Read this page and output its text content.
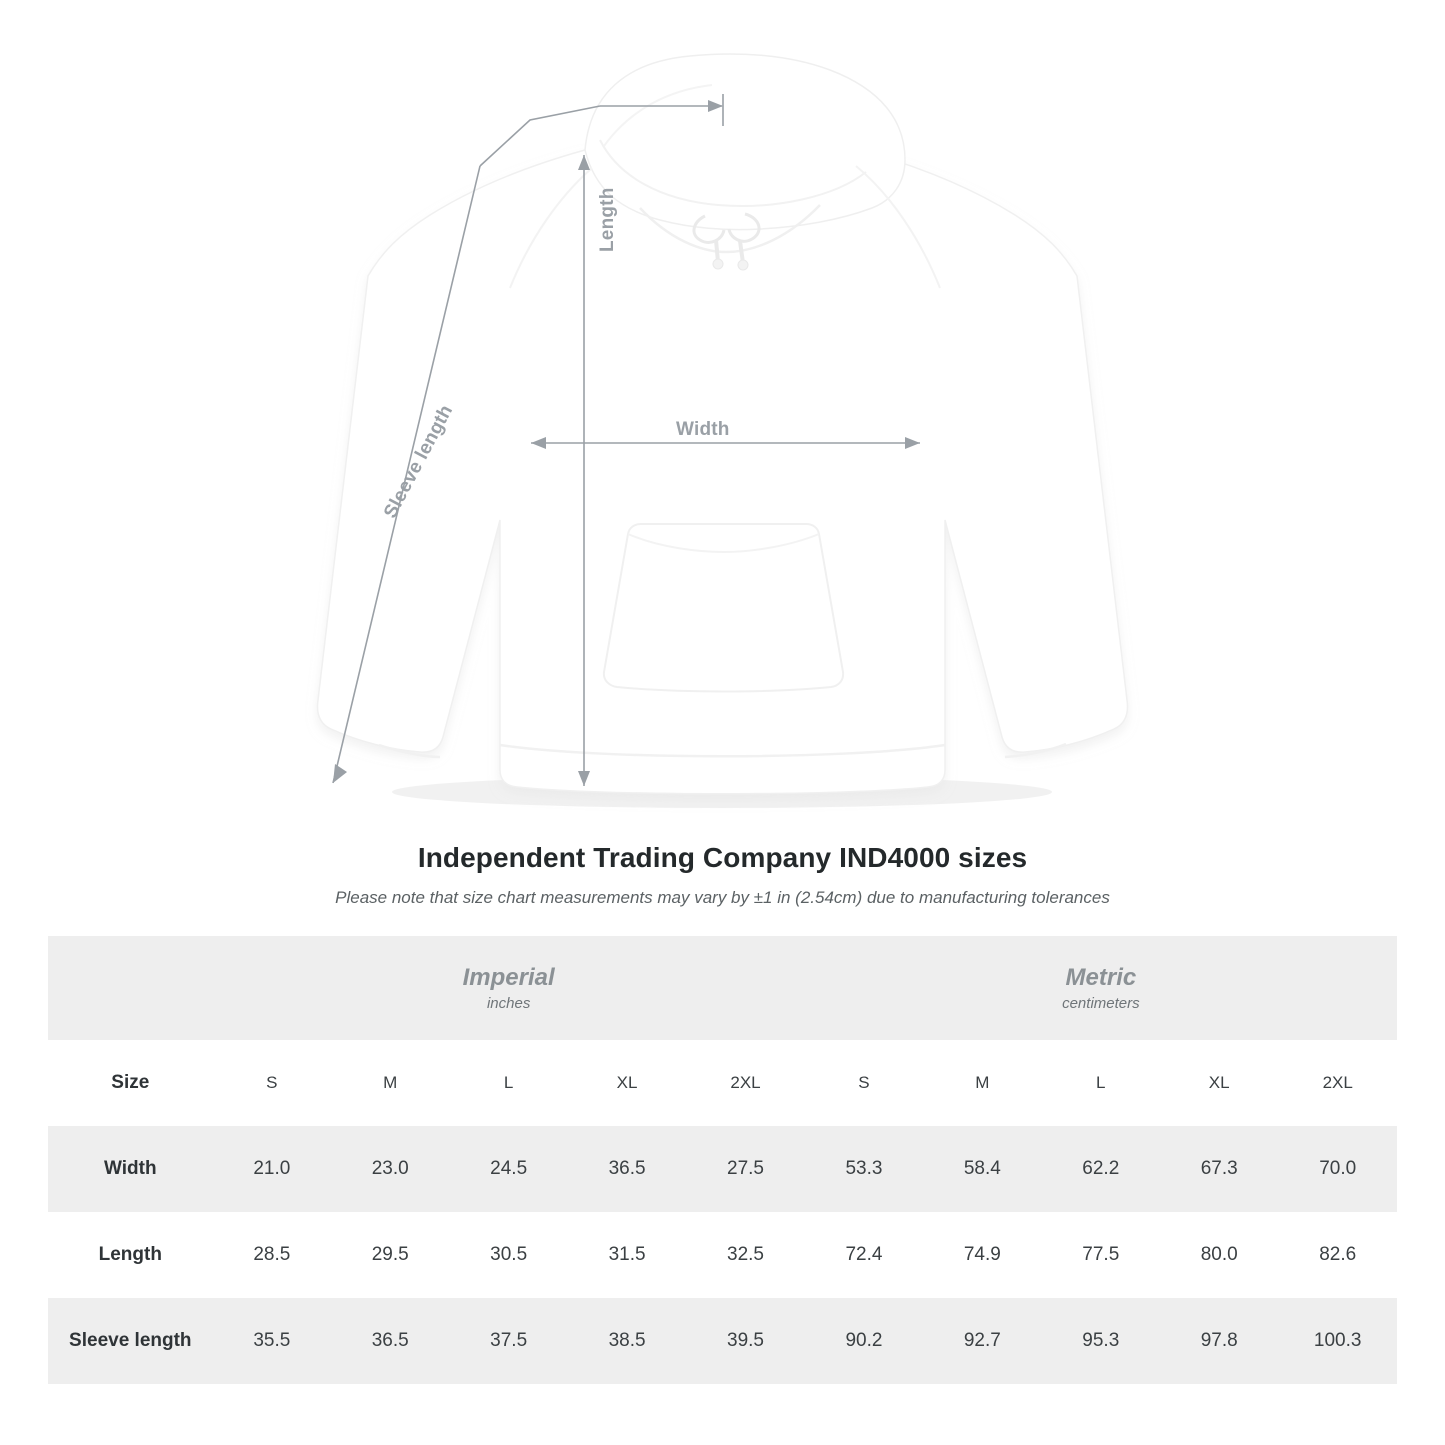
Width
Length
Sleeve length
Independent Trading Company IND4000 sizes

Please note that size chart measurements may vary by ±1 in (2.54cm) due to manufacturing tolerances

	Imperial
inches					Metric
centimeters				

Size	S	M	L	XL	2XL	S	M	L	XL	2XL
Width	21.0	23.0	24.5	36.5	27.5	53.3	58.4	62.2	67.3	70.0
Length	28.5	29.5	30.5	31.5	32.5	72.4	74.9	77.5	80.0	82.6
Sleeve length	35.5	36.5	37.5	38.5	39.5	90.2	92.7	95.3	97.8	100.3
